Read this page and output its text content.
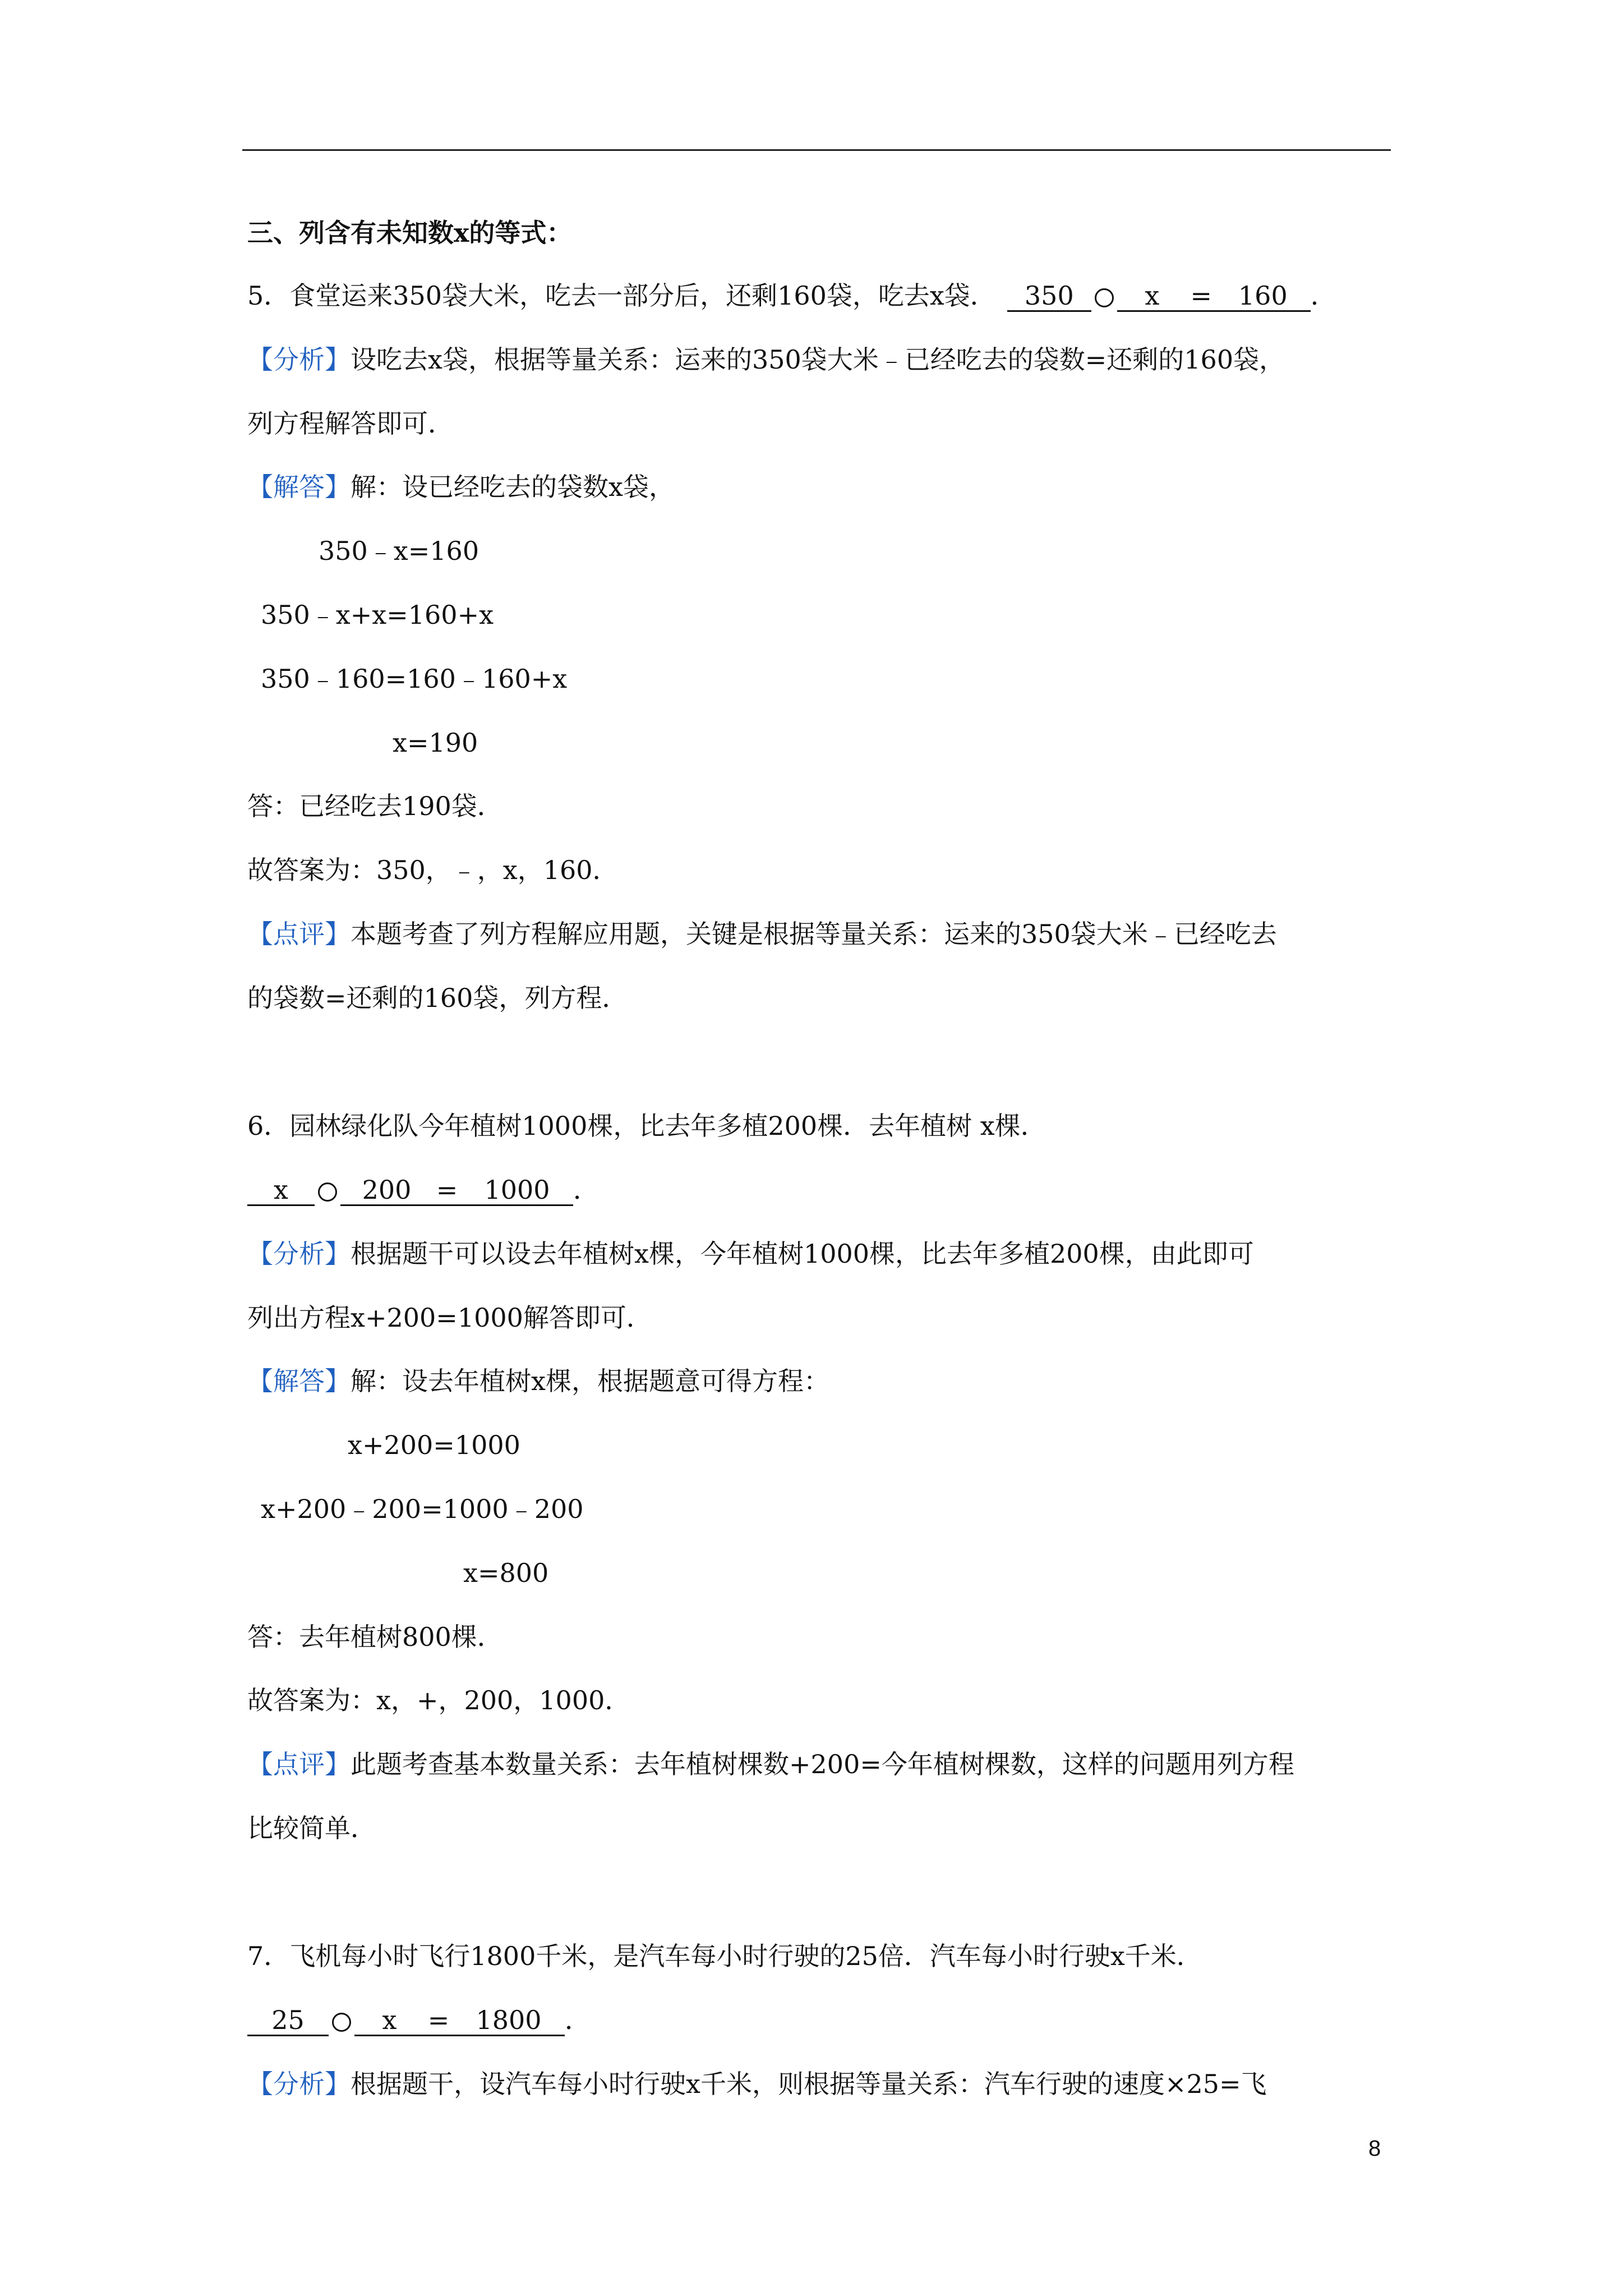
三、列含有未知数x的等式：
5．食堂运来350袋大米，吃去一部分后，还剩160袋，吃去x袋． 350	x = 160 ．
【分析】设吃去x袋，根据等量关系：运来的350袋大米﹣已经吃去的袋数=还剩的160袋，
列方程解答即可．
【解答】解：设已经吃去的袋数x袋，
350﹣x=160
350﹣x+x=160+x
350﹣160=160﹣160+x
x=190
答：已经吃去190袋．
故答案为：350，﹣，x，160．
【点评】本题考查了列方程解应用题，关键是根据等量关系：运来的350袋大米﹣已经吃去
的袋数=还剩的160袋，列方程．
6．园林绿化队今年植树1000棵，比去年多植200棵．去年植树 x棵．
x	200 = 1000 ．
【分析】根据题干可以设去年植树x棵，今年植树1000棵，比去年多植200棵，由此即可
列出方程x+200=1000解答即可．
【解答】解：设去年植树x棵，根据题意可得方程：
x+200=1000
x+200﹣200=1000﹣200
x=800
答：去年植树800棵．
故答案为：x，+，200，1000．
【点评】此题考查基本数量关系：去年植树棵数+200=今年植树棵数，这样的问题用列方程
比较简单．
7．飞机每小时飞行1800千米，是汽车每小时行驶的25倍．汽车每小时行驶x千米．
25	x = 1800 ．
【分析】根据题干，设汽车每小时行驶x千米，则根据等量关系：汽车行驶的速度×25=飞
8
